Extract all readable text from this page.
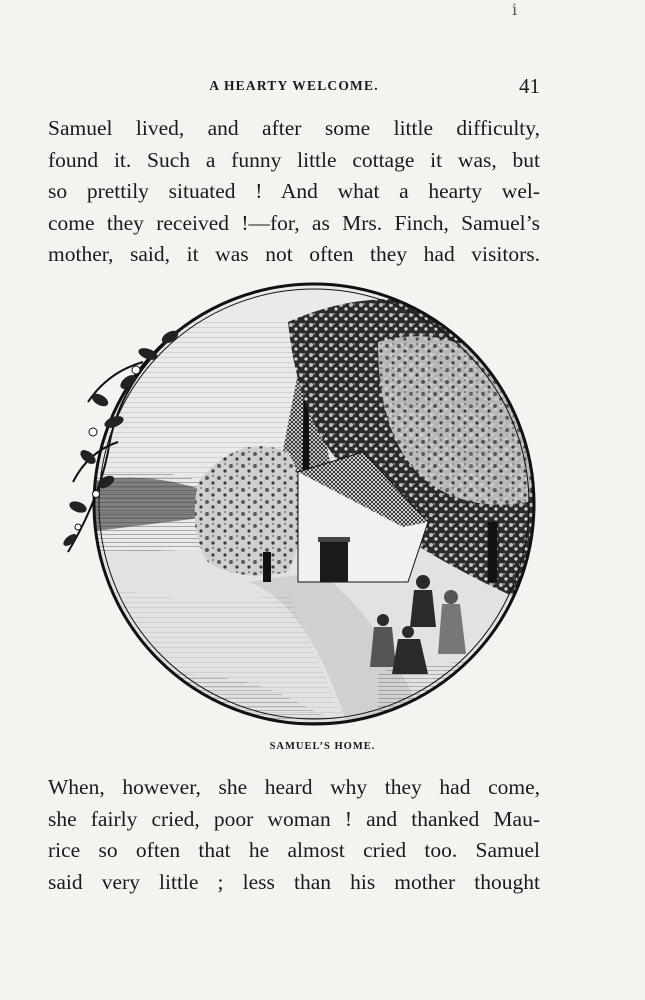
ⅰ
A HEARTY WELCOME.	41
Samuel lived, and after some little difficulty,
found it. Such a funny little cottage it was, but
so prettily situated ! And what a hearty wel-
come they received !—for, as Mrs. Finch, Samuel’s
mother, said, it was not often they had visitors.
SAMUEL’S HOME.
When, however, she heard why they had come,
she fairly cried, poor woman ! and thanked Mau-
rice so often that he almost cried too. Samuel
said very little ; less than his mother thought
